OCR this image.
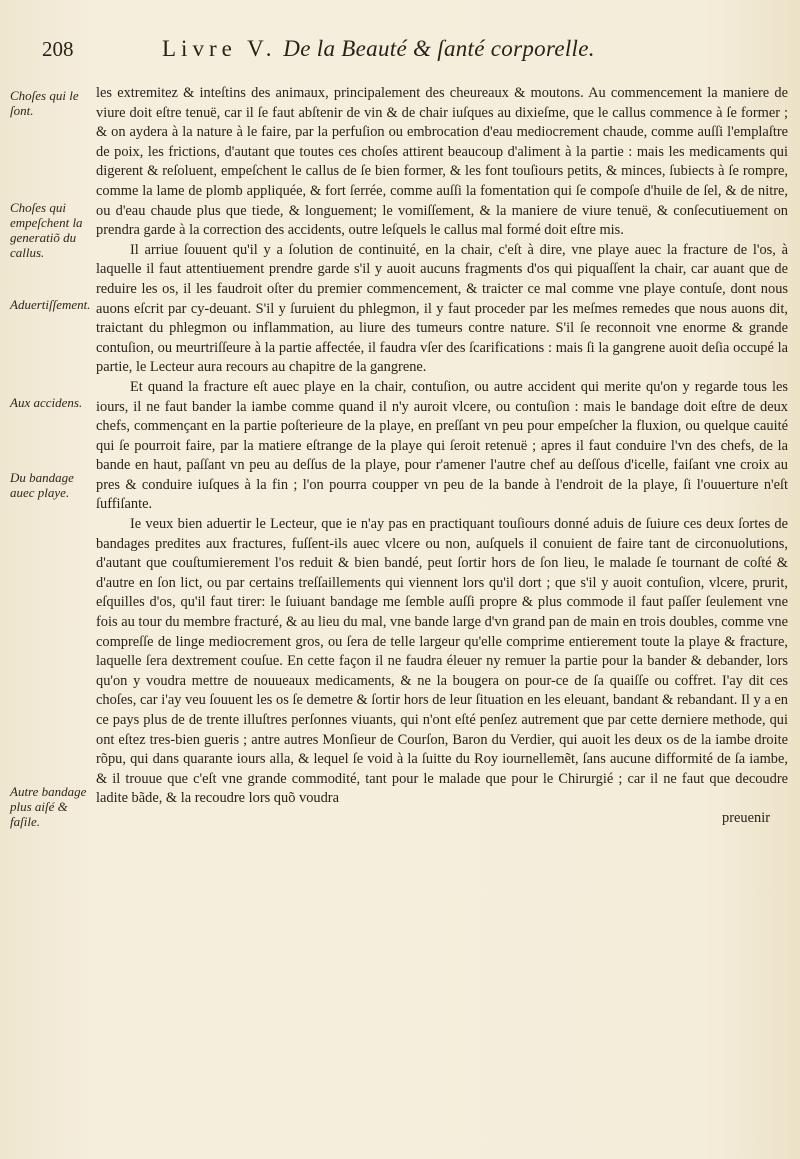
208	Livre V. De la Beauté & ſanté corporelle.
Choſes qui le ſont.
Choſes qui empeſchent la generatiõ du callus.
Aduertiſſement.
Aux accidens.
Du bandage auec playe.
Autre bandage plus aiſé & faſile.

les extremitez & inteſtins des animaux, principalement des cheureaux & moutons. Au commencement la maniere de viure doit eſtre tenuë, car il ſe faut abſtenir de vin & de chair iuſques au dixieſme, que le callus commence à ſe former ; & on aydera à la nature à le faire, par la perfuſion ou embrocation d'eau mediocrement chaude, comme auſſi l'emplaſtre de poix, les frictions, d'autant que toutes ces choſes attirent beaucoup d'aliment à la partie : mais les medicaments qui digerent & reſoluent, empeſchent le callus de ſe bien former, & les font touſiours petits, & minces, ſubiects à ſe rompre, comme la lame de plomb appliquée, & fort ſerrée, comme auſſi la fomentation qui ſe compoſe d'huile de ſel, & de nitre, ou d'eau chaude plus que tiede, & longuement; le vomiſſement, & la maniere de viure tenuë, & conſecutiuement on prendra garde à la correction des accidents, outre leſquels le callus mal formé doit eſtre mis.

Il arriue ſouuent qu'il y a ſolution de continuité, en la chair, c'eſt à dire, vne playe auec la fracture de l'os, à laquelle il faut attentiuement prendre garde s'il y auoit aucuns fragments d'os qui piquaſſent la chair, car auant que de reduire les os, il les faudroit oſter du premier commencement, & traicter ce mal comme vne playe contuſe, dont nous auons eſcrit par cy-deuant. S'il y ſuruient du phlegmon, il y faut proceder par les meſmes remedes que nous auons dit, traictant du phlegmon ou inflammation, au liure des tumeurs contre nature. S'il ſe reconnoit vne enorme & grande contuſion, ou meurtriſſeure à la partie affectée, il faudra vſer des ſcarifications : mais ſi la gangrene auoit deſia occupé la partie, le Lecteur aura recours au chapitre de la gangrene.

Et quand la fracture eſt auec playe en la chair, contuſion, ou autre accident qui merite qu'on y regarde tous les iours, il ne faut bander la iambe comme quand il n'y auroit vlcere, ou contuſion : mais le bandage doit eſtre de deux chefs, commençant en la partie poſterieure de la playe, en preſſant vn peu pour empeſcher la fluxion, ou quelque cauité qui ſe pourroit faire, par la matiere eſtrange de la playe qui ſeroit retenuë ; apres il faut conduire l'vn des chefs, de la bande en haut, paſſant vn peu au deſſus de la playe, pour r'amener l'autre chef au deſſous d'icelle, faiſant vne croix au pres & conduire iuſques à la fin ; l'on pourra coupper vn peu de la bande à l'endroit de la playe, ſi l'ouuerture n'eſt ſuffiſante.

Ie veux bien aduertir le Lecteur, que ie n'ay pas en practiquant touſiours donné aduis de ſuiure ces deux ſortes de bandages predites aux fractures, fuſſent-ils auec vlcere ou non, auſquels il conuient de faire tant de circonuolutions, d'autant que couſtumierement l'os reduit & bien bandé, peut ſortir hors de ſon lieu, le malade ſe tournant de coſté & d'autre en ſon lict, ou par certains treſſaillements qui viennent lors qu'il dort ; que s'il y auoit contuſion, vlcere, prurit, eſquilles d'os, qu'il faut tirer: le ſuiuant bandage me ſemble auſſi propre & plus commode il faut paſſer ſeulement vne fois au tour du membre fracturé, & au lieu du mal, vne bande large d'vn grand pan de main en trois doubles, comme vne compreſſe de linge mediocrement gros, ou ſera de telle largeur qu'elle comprime entierement toute la playe & fracture, laquelle ſera dextrement couſue. En cette façon il ne faudra éleuer ny remuer la partie pour la bander & debander, lors qu'on y voudra mettre de nouueaux medicaments, & ne la bougera on pour-ce de ſa quaiſſe ou coffret. I'ay dit ces choſes, car i'ay veu ſouuent les os ſe demetre & ſortir hors de leur ſituation en les eleuant, bandant & rebandant. Il y a en ce pays plus de de trente illuſtres perſonnes viuants, qui n'ont eſté penſez autrement que par cette derniere methode, qui ont eſtez tres-bien gueris ; antre autres Monſieur de Courſon, Baron du Verdier, qui auoit les deux os de la iambe droite rõpu, qui dans quarante iours alla, & lequel ſe void à la ſuitte du Roy iournellemẽt, ſans aucune difformité de ſa iambe, & il trouue que c'eſt vne grande commodité, tant pour le malade que pour le Chirurgié ; car il ne faut que decoudre ladite bãde, & la recoudre lors quõ voudra

preuenir
